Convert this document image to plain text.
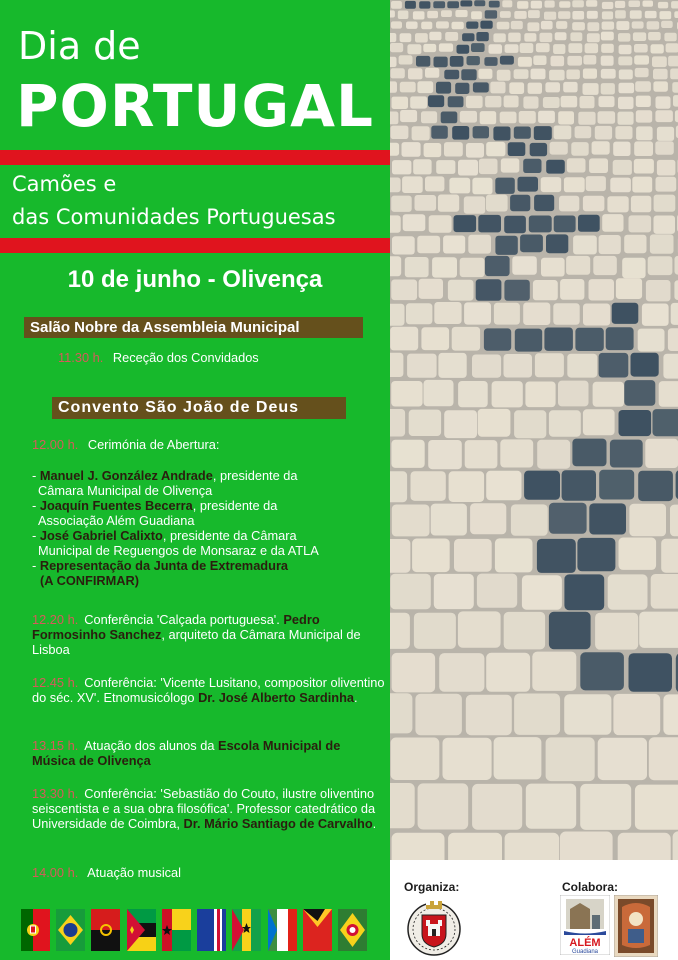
Dia de
PORTUGAL
Camões e
das Comunidades Portuguesas
10 de junho - Olivença
Salão Nobre da Assembleia Municipal
11.30 h. Receção dos Convidados
Convento São João de Deus
12.00 h. Cerimónia de Abertura:
- Manuel J. González Andrade, presidente da
Câmara Municipal de Olivença
- Joaquín Fuentes Becerra, presidente da
Associação Além Guadiana
- José Gabriel Calixto, presidente da Câmara
Municipal de Reguengos de Monsaraz e da ATLA
- Representação da Junta de Extremadura
(A CONFIRMAR)
12.20 h. Conferência 'Calçada portuguesa'. Pedro Formosinho Sanchez, arquiteto da Câmara Municipal de Lisboa
12.45 h. Conferência: 'Vicente Lusitano, compositor oliventino do séc. XV'. Etnomusicólogo Dr. José Alberto Sardinha.
13.15 h. Atuação dos alunos da Escola Municipal de Música de Olivença
13.30 h. Conferência: 'Sebastião do Couto, ilustre oliventino seiscentista e a sua obra filosófica'. Professor catedrático da Universidade de Coimbra, Dr. Mário Santiago de Carvalho.
14.00 h. Atuação musical
Organiza:	Colabora:
ALÉM
Guadiana
